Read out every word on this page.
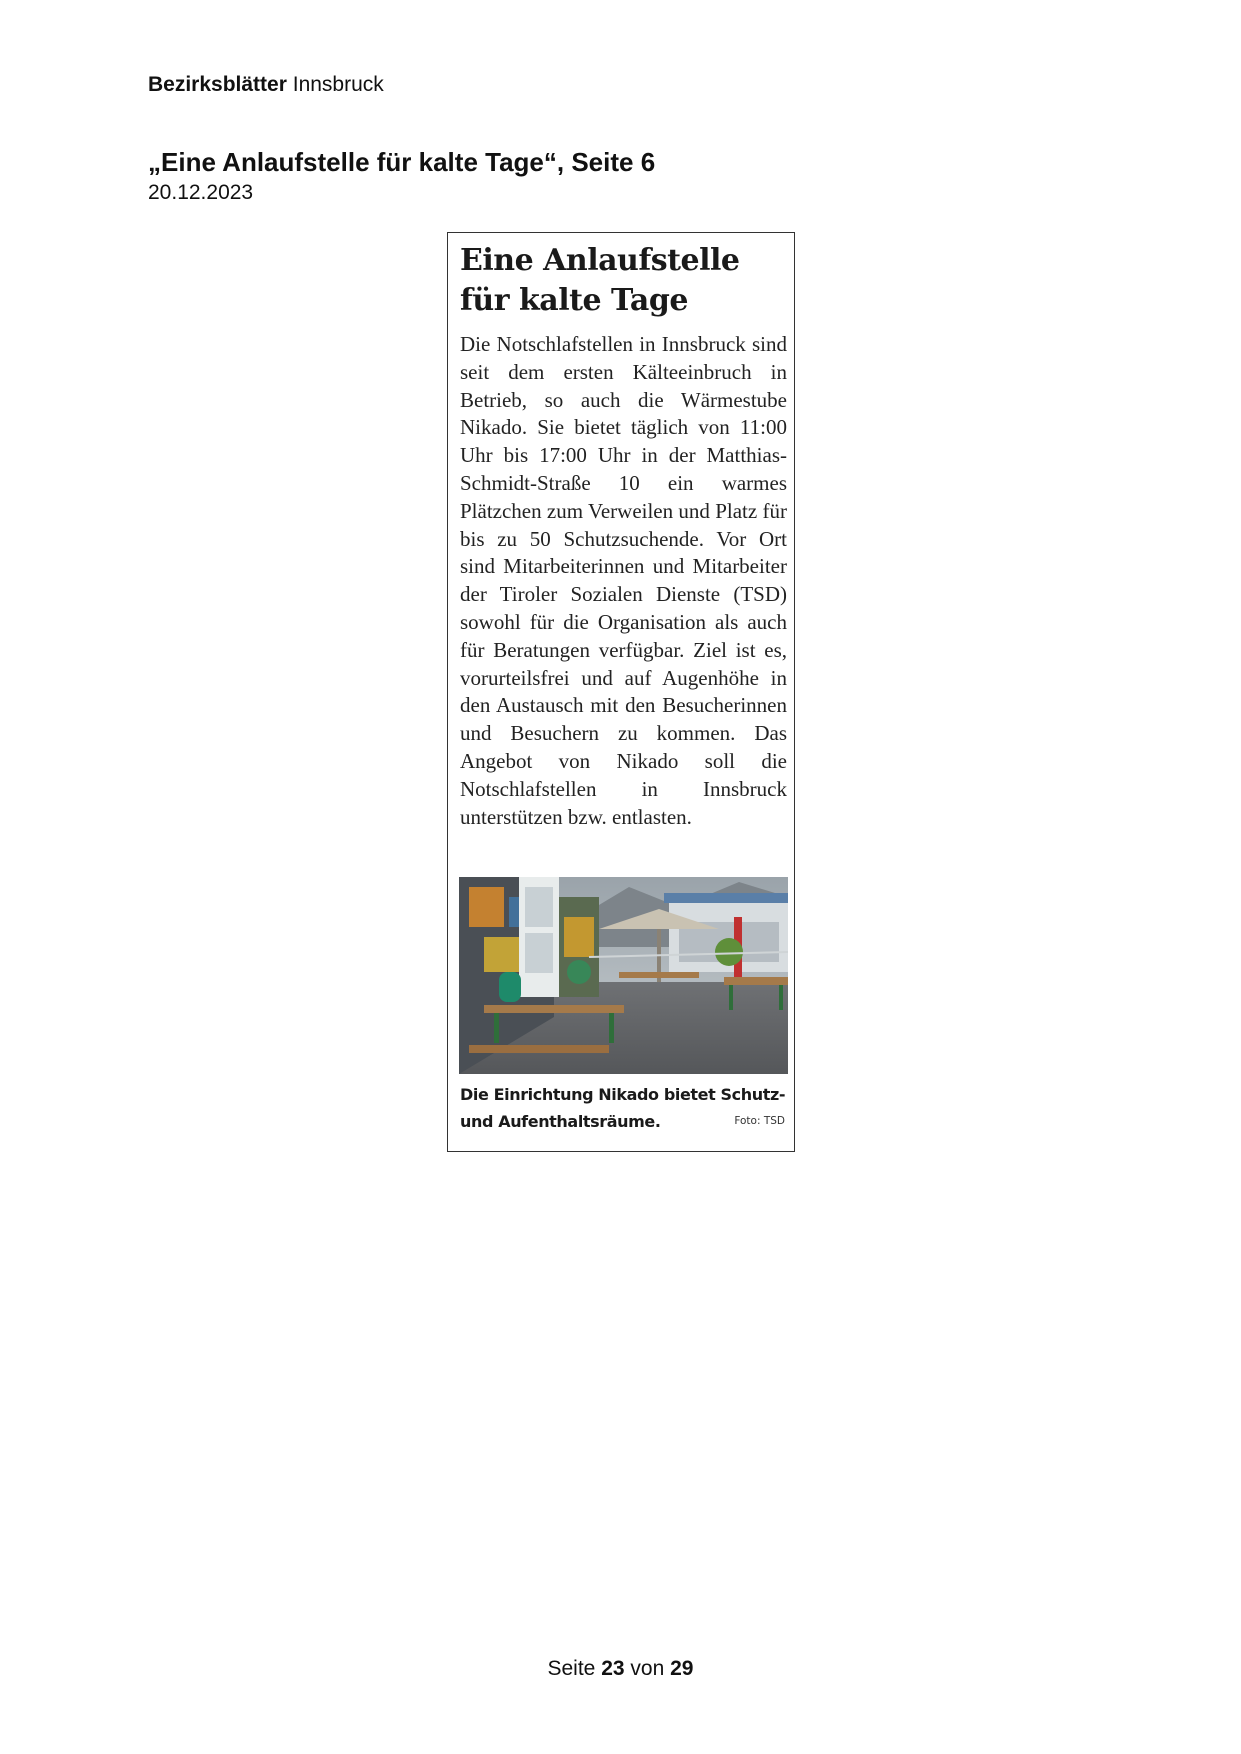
Bezirksblätter Innsbruck
„Eine Anlaufstelle für kalte Tage“, Seite 6
20.12.2023
Eine Anlaufstelle
für kalte Tage
Die Notschlafstellen in Innsbruck sind seit dem ersten Kälteeinbruch in Betrieb, so auch die Wärmestube Nikado. Sie bietet täglich von 11:00 Uhr bis 17:00 Uhr in der Matthias-Schmidt-Straße 10 ein warmes Plätzchen zum Verweilen und Platz für bis zu 50 Schutzsuchende. Vor Ort sind Mitarbeiterinnen und Mitarbeiter der Tiroler Sozialen Dienste (TSD) sowohl für die Organisation als auch für Beratungen verfügbar. Ziel ist es, vorurteilsfrei und auf Augenhöhe in den Austausch mit den Besucherinnen und Besuchern zu kommen. Das Angebot von Nikado soll die Notschlafstellen in Innsbruck unterstützen bzw. entlasten.
Die Einrichtung Nikado bietet Schutz-
und Aufenthaltsräume.	Foto: TSD
Seite 23 von 29
